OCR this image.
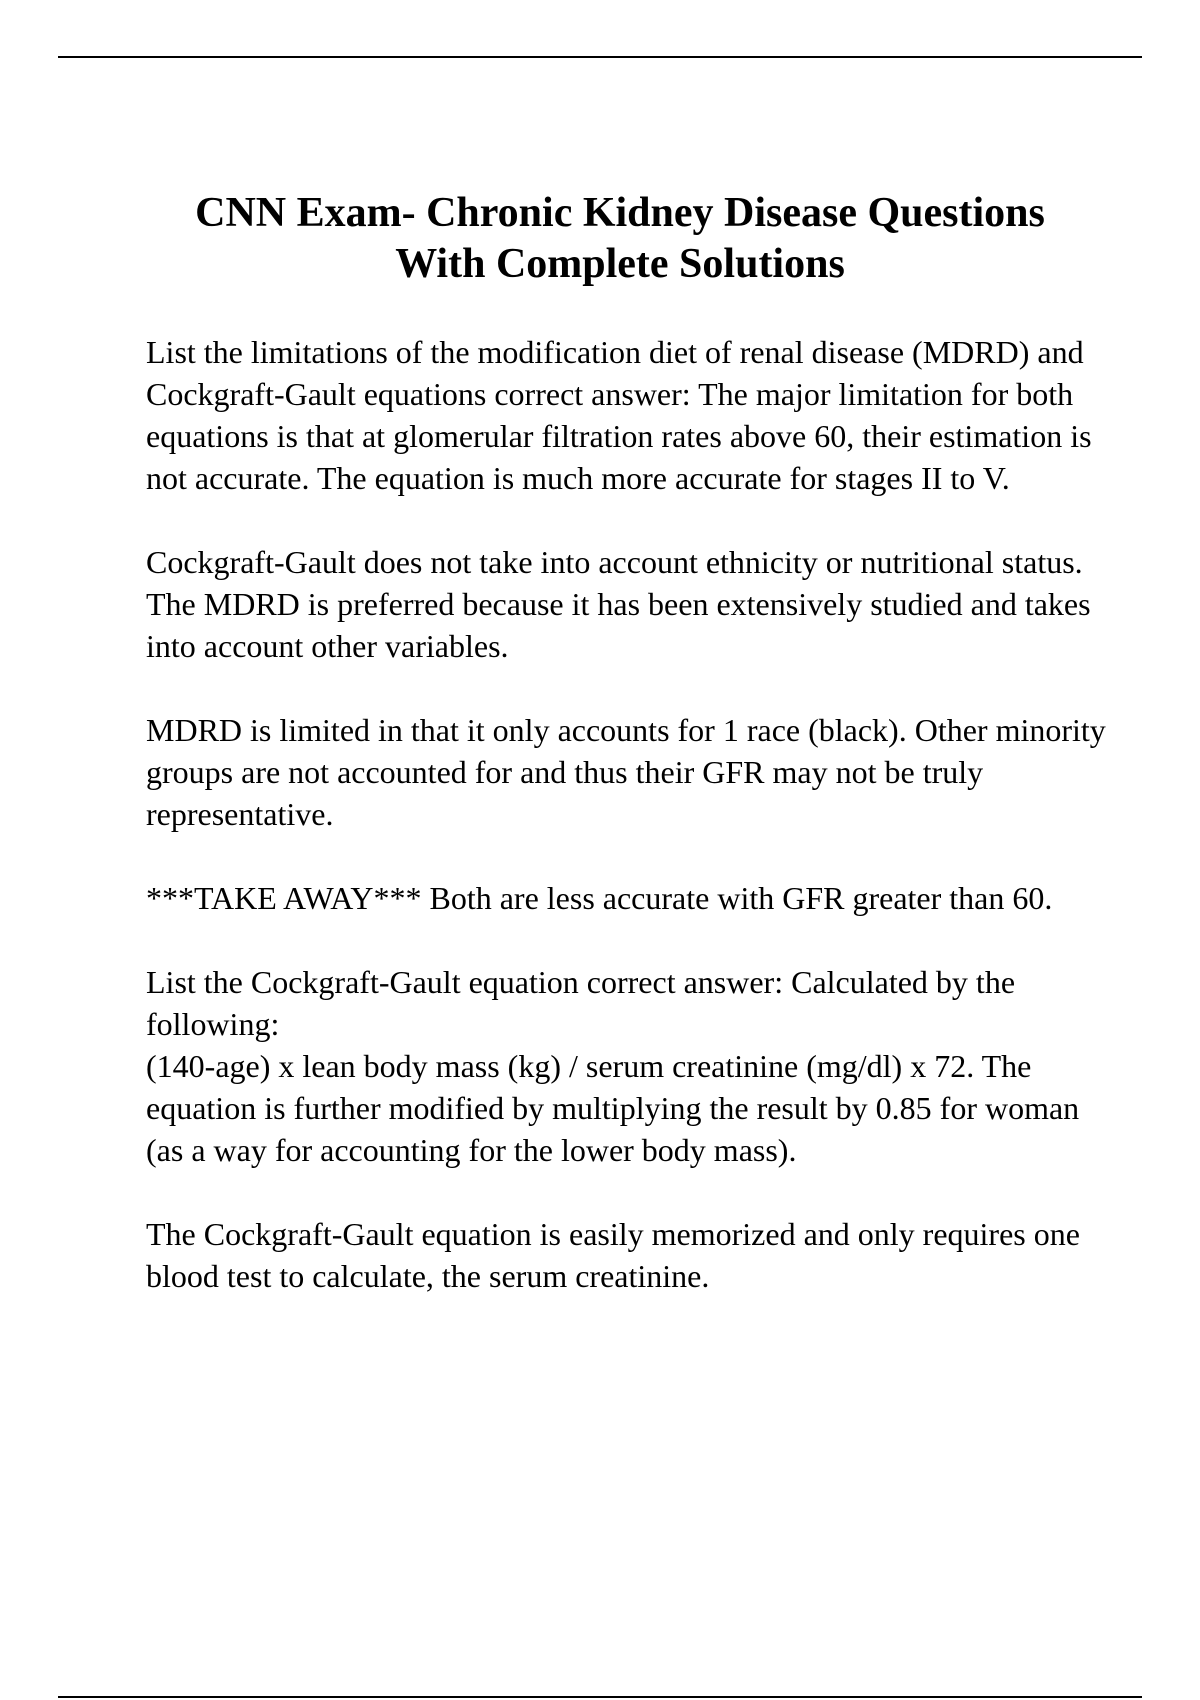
CNN Exam- Chronic Kidney Disease Questions
With Complete Solutions

List the limitations of the modification diet of renal disease (MDRD) and Cockgraft-Gault equations correct answer: The major limitation for both equations is that at glomerular filtration rates above 60, their estimation is not accurate. The equation is much more accurate for stages II to V.

Cockgraft-Gault does not take into account ethnicity or nutritional status. The MDRD is preferred because it has been extensively studied and takes into account other variables.

MDRD is limited in that it only accounts for 1 race (black). Other minority groups are not accounted for and thus their GFR may not be truly representative.

***TAKE AWAY*** Both are less accurate with GFR greater than 60.

List the Cockgraft-Gault equation correct answer: Calculated by the following:

(140-age) x lean body mass (kg) / serum creatinine (mg/dl) x 72. The equation is further modified by multiplying the result by 0.85 for woman (as a way for accounting for the lower body mass).

The Cockgraft-Gault equation is easily memorized and only requires one blood test to calculate, the serum creatinine.
